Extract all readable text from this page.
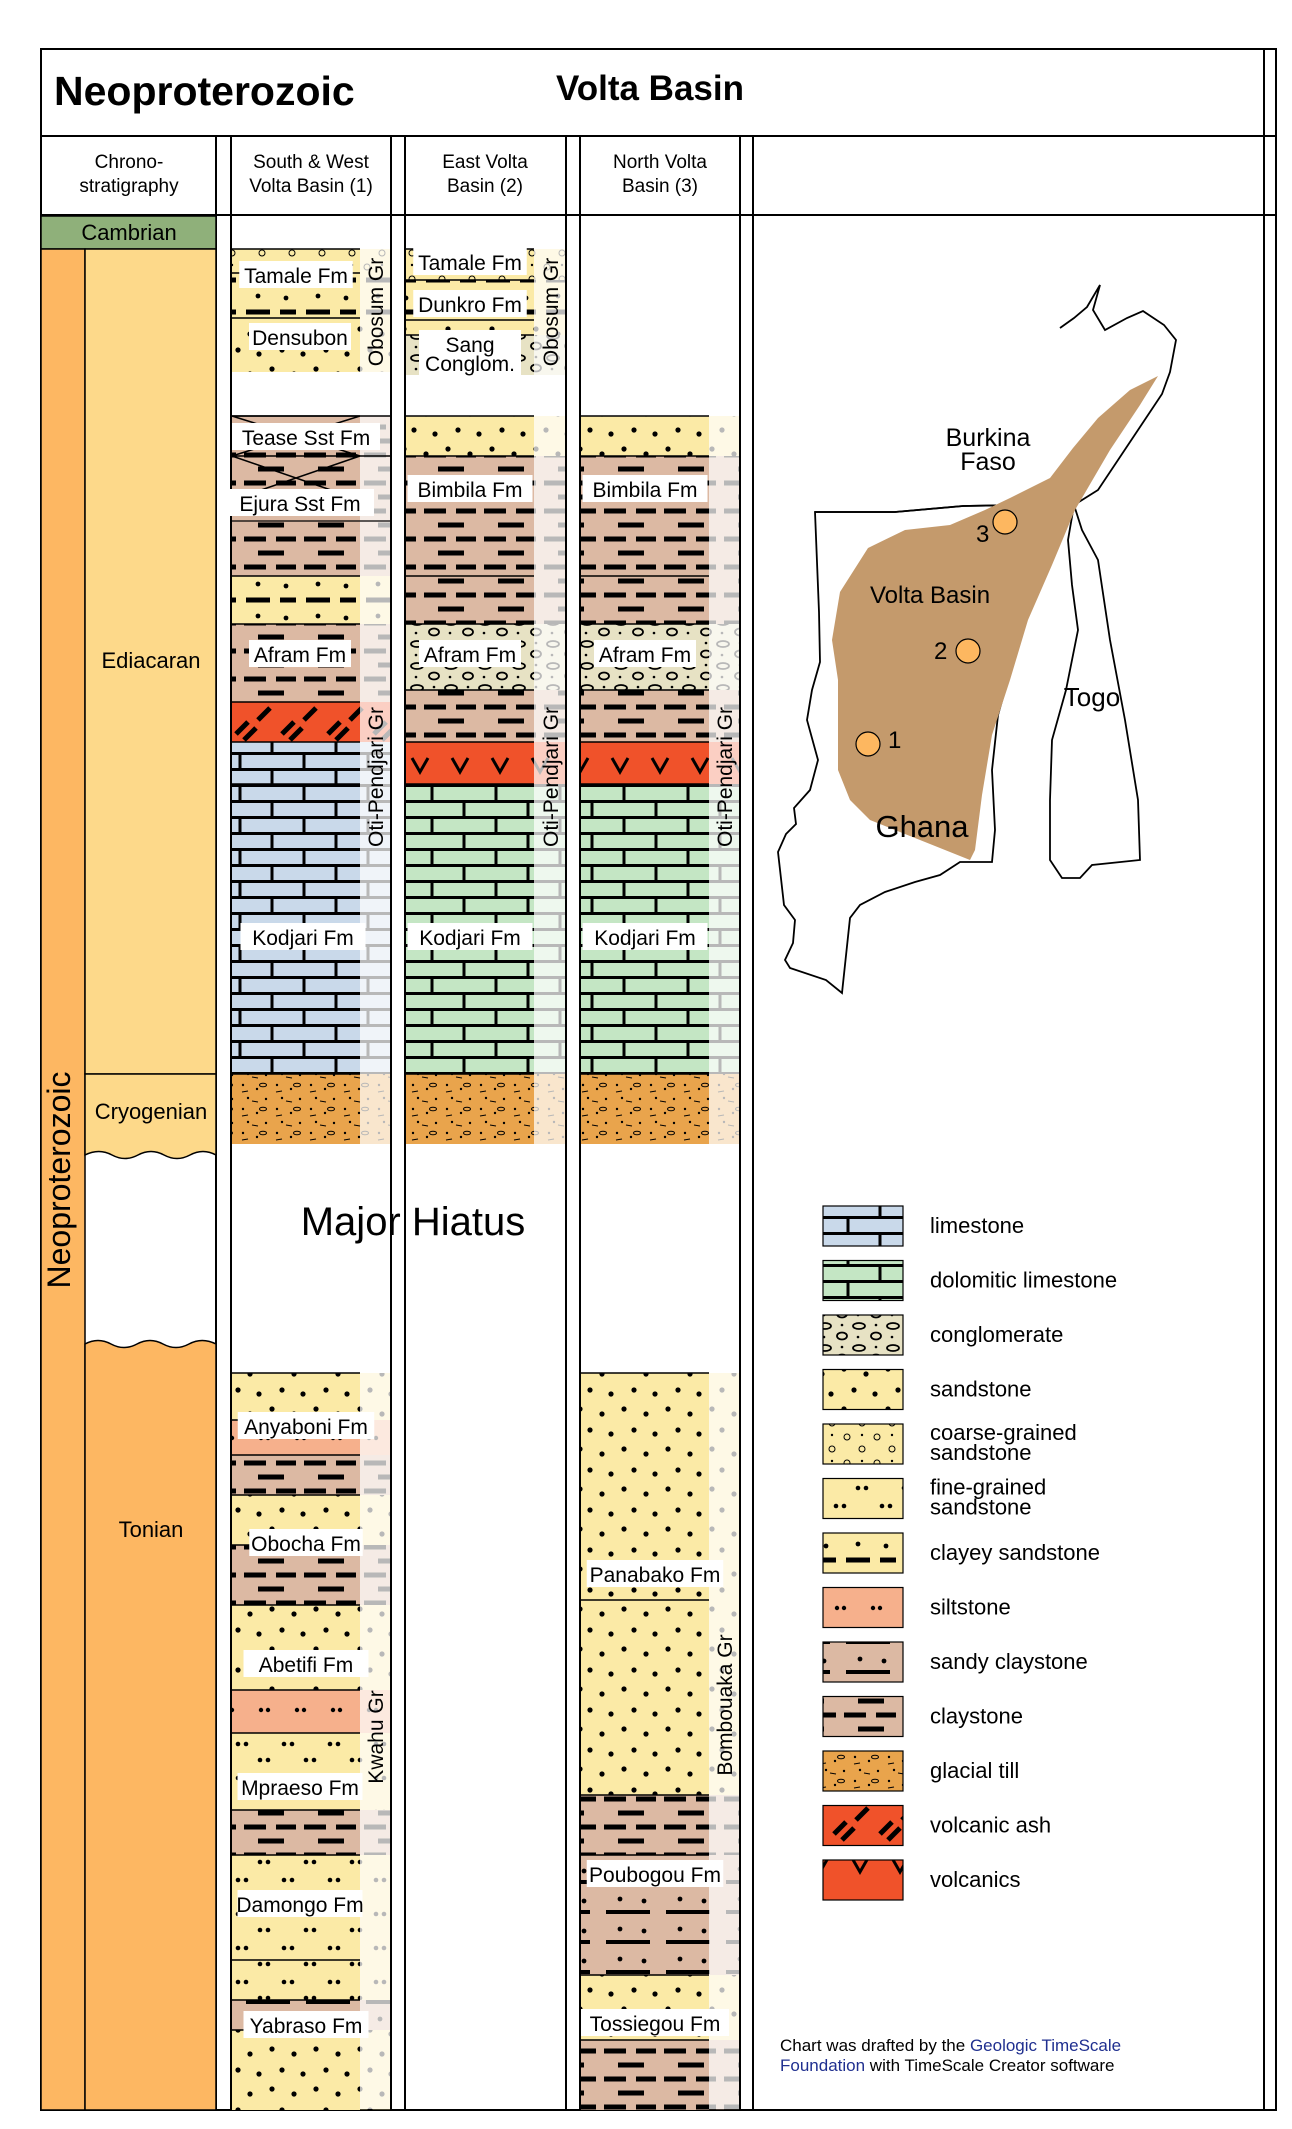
Neoproterozoic	Volta Basin
Chrono-stratigraphy
South & West Volta Basin (1)
East Volta Basin (2)
North Volta Basin (3)
Cambrian
Neoproterozoic
Ediacaran
Cryogenian
Tonian
Tamale Fm
Densubon
Tease Sst Fm
Ejura Sst Fm
Afram Fm
Kodjari Fm
Anyaboni Fm
Obocha Fm
Abetifi Fm
Mpraeso Fm
Damongo Fm
Yabraso Fm
Tamale Fm
Dunkro Fm
Sang Conglom.
Bimbila Fm
Afram Fm
Kodjari Fm
Bimbila Fm
Afram Fm
Kodjari Fm
Panabako Fm
Poubogou Fm
Tossiegou Fm
Obosum Gr
Oti-Pendjari Gr
Kwahu Gr
Obosum Gr
Oti-Pendjari Gr	Oti-Pendjari Gr
Bombouaka Gr
Major Hiatus
1
2
3
Burkina Faso
Volta Basin
Togo
Ghana
limestone
dolomitic limestone
conglomerate
sandstone
coarse-grained sandstone
fine-grained sandstone
clayey sandstone
siltstone
sandy claystone
claystone
glacial till
volcanic ash
volcanics
Chart was drafted by the Geologic TimeScale
Foundation with TimeScale Creator software
